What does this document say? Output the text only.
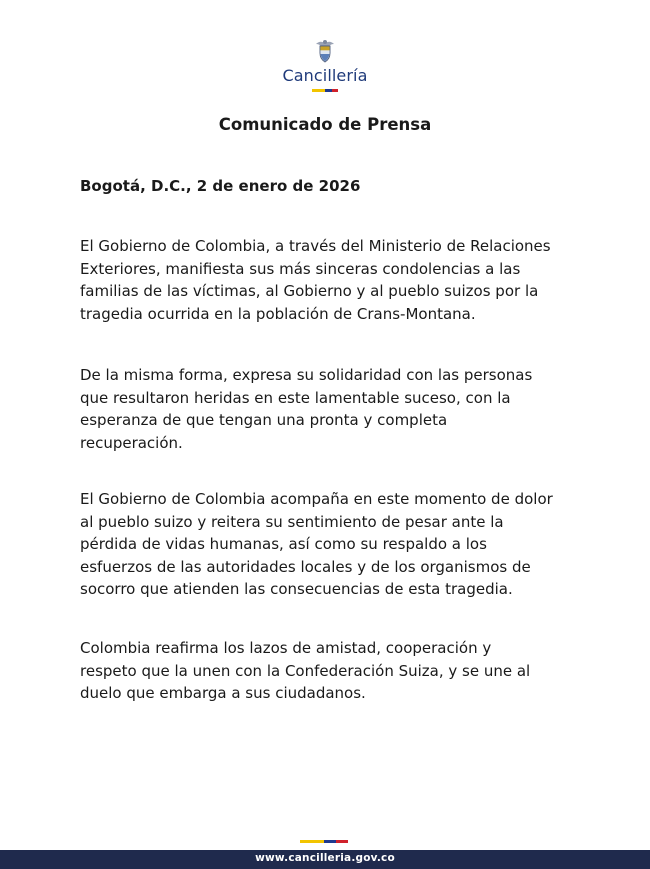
Cancillería
Comunicado de Prensa
Bogotá, D.C., 2 de enero de 2026
El Gobierno de Colombia, a través del Ministerio de Relaciones
Exteriores, manifiesta sus más sinceras condolencias a las
familias de las víctimas, al Gobierno y al pueblo suizos por la
tragedia ocurrida en la población de Crans-Montana.
De la misma forma, expresa su solidaridad con las personas
que resultaron heridas en este lamentable suceso, con la
esperanza de que tengan una pronta y completa
recuperación.
El Gobierno de Colombia acompaña en este momento de dolor
al pueblo suizo y reitera su sentimiento de pesar ante la
pérdida de vidas humanas, así como su respaldo a los
esfuerzos de las autoridades locales y de los organismos de
socorro que atienden las consecuencias de esta tragedia.
Colombia reafirma los lazos de amistad, cooperación y
respeto que la unen con la Confederación Suiza, y se une al
duelo que embarga a sus ciudadanos.
www.cancilleria.gov.co
